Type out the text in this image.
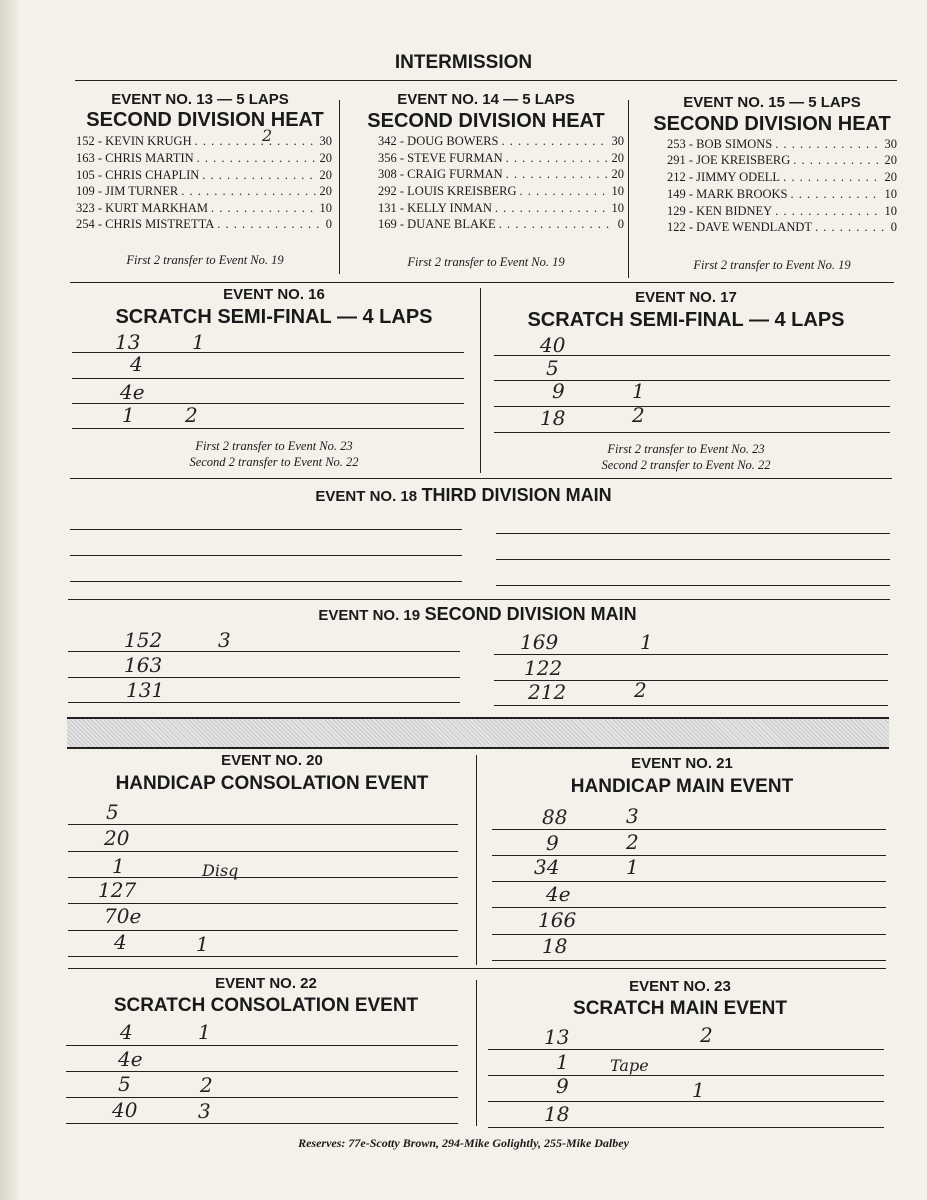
INTERMISSION
EVENT NO. 13 — 5 LAPS
SECOND DIVISION HEAT
152 - KEVIN KRUGH . . .	30
163 - CHRIS MARTIN . . .	20
105 - CHRIS CHAPLIN . . .	20
109 - JIM TURNER . . .	20
323 - KURT MARKHAM . . .	10
254 - CHRIS MISTRETTA . . .	0
2
First 2 transfer to Event No. 19
EVENT NO. 14 — 5 LAPS
SECOND DIVISION HEAT
342 - DOUG BOWERS . . .	30
356 - STEVE FURMAN . . .	20
308 - CRAIG FURMAN . . .	20
292 - LOUIS KREISBERG . . .	10
131 - KELLY INMAN . . .	10
169 - DUANE BLAKE . . .	0
First 2 transfer to Event No. 19
EVENT NO. 15 — 5 LAPS
SECOND DIVISION HEAT
253 - BOB SIMONS . . .	30
291 - JOE KREISBERG . . .	20
212 - JIMMY ODELL . . .	20
149 - MARK BROOKS . . .	10
129 - KEN BIDNEY . . .	10
122 - DAVE WENDLANDT . . .	0
First 2 transfer to Event No. 19
EVENT NO. 16
SCRATCH SEMI-FINAL — 4 LAPS
13	1
4
4e
1	2
First 2 transfer to Event No. 23
Second 2 transfer to Event No. 22
EVENT NO. 17
SCRATCH SEMI-FINAL — 4 LAPS
40
5
9	1
18	2
First 2 transfer to Event No. 23
Second 2 transfer to Event No. 22
EVENT NO. 18 THIRD DIVISION MAIN
EVENT NO. 19 SECOND DIVISION MAIN
152	3
163
131
169	1
122
212	2
EVENT NO. 20
HANDICAP CONSOLATION EVENT
5
20
1	Disq
127
70e
4	1
EVENT NO. 21
HANDICAP MAIN EVENT
88	3
9	2
34	1
4e
166
18
EVENT NO. 22
SCRATCH CONSOLATION EVENT
4	1
4e
5	2
40	3
EVENT NO. 23
SCRATCH MAIN EVENT
13	2
1	Tape
9	1
18
Reserves: 77e-Scotty Brown, 294-Mike Golightly, 255-Mike Dalbey
